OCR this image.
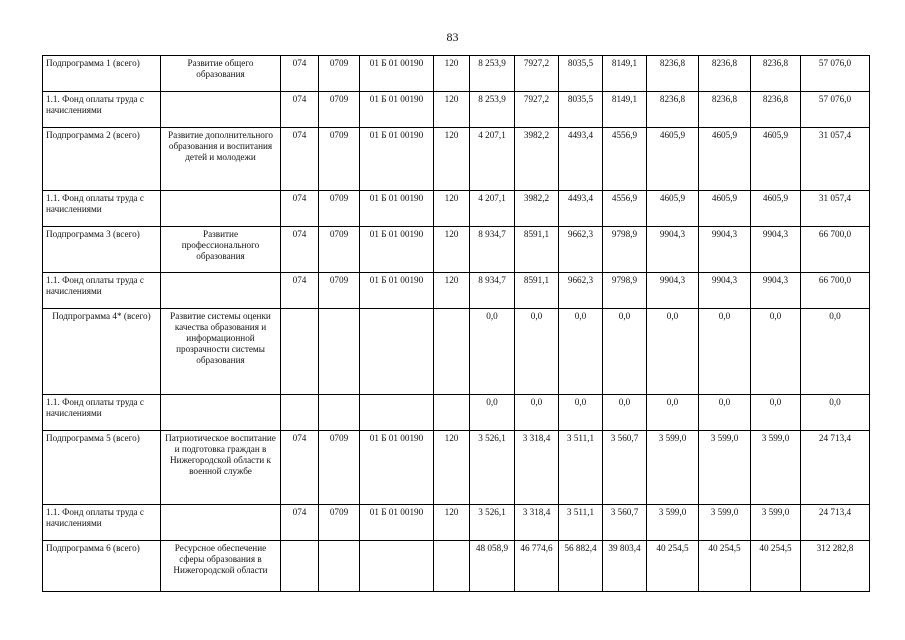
83
Подпрограмма 1 (всего)	Развитие общего образования	074	0709	01 Б 01 00190	120	8 253,9	7927,2	8035,5	8149,1	8236,8	8236,8	8236,8	57 076,0
1.1. Фонд оплаты труда с начислениями		074	0709	01 Б 01 00190	120	8 253,9	7927,2	8035,5	8149,1	8236,8	8236,8	8236,8	57 076,0
Подпрограмма 2 (всего)	Развитие дополнительного образования и воспитания детей и молодежи	074	0709	01 Б 01 00190	120	4 207,1	3982,2	4493,4	4556,9	4605,9	4605,9	4605,9	31 057,4
1.1. Фонд оплаты труда с начислениями		074	0709	01 Б 01 00190	120	4 207,1	3982,2	4493,4	4556,9	4605,9	4605,9	4605,9	31 057,4
Подпрограмма 3 (всего)	Развитие профессионального образования	074	0709	01 Б 01 00190	120	8 934,7	8591,1	9662,3	9798,9	9904,3	9904,3	9904,3	66 700,0
1.1. Фонд оплаты труда с начислениями		074	0709	01 Б 01 00190	120	8 934,7	8591,1	9662,3	9798,9	9904,3	9904,3	9904,3	66 700,0
Подпрограмма 4* (всего)	Развитие системы оценки качества образования и информационной прозрачности системы образования					0,0	0,0	0,0	0,0	0,0	0,0	0,0	0,0
1.1. Фонд оплаты труда с начислениями						0,0	0,0	0,0	0,0	0,0	0,0	0,0	0,0
Подпрограмма 5 (всего)	Патриотическое воспитание и подготовка граждан в Нижегородской области к военной службе	074	0709	01 Б 01 00190	120	3 526,1	3 318,4	3 511,1	3 560,7	3 599,0	3 599,0	3 599,0	24 713,4
1.1. Фонд оплаты труда с начислениями		074	0709	01 Б 01 00190	120	3 526,1	3 318,4	3 511,1	3 560,7	3 599,0	3 599,0	3 599,0	24 713,4
Подпрограмма 6 (всего)	Ресурсное обеспечение сферы образования в Нижегородской области					48 058,9	46 774,6	56 882,4	39 803,4	40 254,5	40 254,5	40 254,5	312 282,8
